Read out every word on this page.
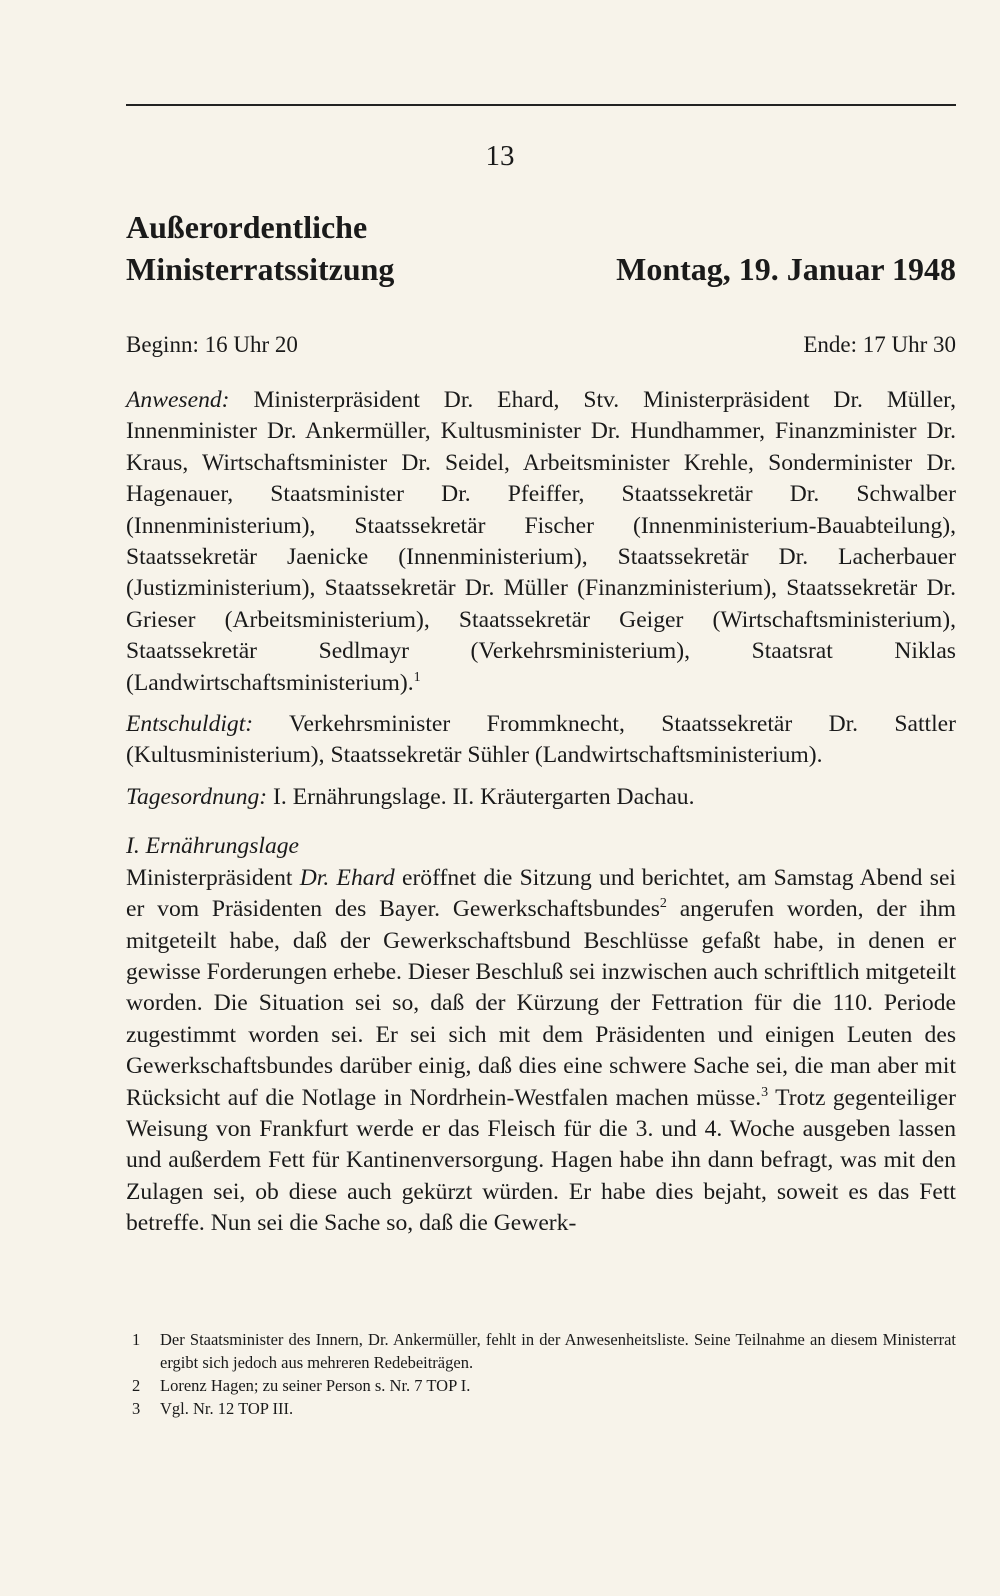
13
Außerordentliche
Ministerratssitzung	Montag, 19. Januar 1948
Beginn: 16 Uhr 20	Ende: 17 Uhr 30

Anwesend: Ministerpräsident Dr. Ehard, Stv. Ministerpräsident Dr. Müller, Innenminister Dr. Ankermüller, Kultusminister Dr. Hundhammer, Finanzminister Dr. Kraus, Wirtschaftsminister Dr. Seidel, Arbeitsminister Krehle, Sonderminister Dr. Hagenauer, Staatsminister Dr. Pfeiffer, Staatssekretär Dr. Schwalber (Innenministerium), Staatssekretär Fischer (Innenministerium-Bauabteilung), Staatssekretär Jaenicke (Innenministerium), Staatssekretär Dr. Lacherbauer (Justizministerium), Staatssekretär Dr. Müller (Finanzministerium), Staatssekretär Dr. Grieser (Arbeitsministerium), Staatssekretär Geiger (Wirtschaftsministerium), Staatssekretär Sedlmayr (Verkehrsministerium), Staatsrat Niklas (Landwirtschaftsministerium).$^1$

Entschuldigt: Verkehrsminister Frommknecht, Staatssekretär Dr. Sattler (Kultusministerium), Staatssekretär Sühler (Landwirtschaftsministerium).

Tagesordnung: I. Ernährungslage. II. Kräutergarten Dachau.

I. Ernährungslage

Ministerpräsident Dr. Ehard eröffnet die Sitzung und berichtet, am Samstag Abend sei er vom Präsidenten des Bayer. Gewerkschaftsbundes$^2$ angerufen worden, der ihm mitgeteilt habe, daß der Gewerkschaftsbund Beschlüsse gefaßt habe, in denen er gewisse Forderungen erhebe. Dieser Beschluß sei inzwischen auch schriftlich mitgeteilt worden. Die Situation sei so, daß der Kürzung der Fettration für die 110. Periode zugestimmt worden sei. Er sei sich mit dem Präsidenten und einigen Leuten des Gewerkschaftsbundes darüber einig, daß dies eine schwere Sache sei, die man aber mit Rücksicht auf die Notlage in Nordrhein-Westfalen machen müsse.$^3$ Trotz gegenteiliger Weisung von Frankfurt werde er das Fleisch für die 3. und 4. Woche ausgeben lassen und außerdem Fett für Kantinenversorgung. Hagen habe ihn dann befragt, was mit den Zulagen sei, ob diese auch gekürzt würden. Er habe dies bejaht, soweit es das Fett betreffe. Nun sei die Sache so, daß die Gewerk-

1 Der Staatsminister des Innern, Dr. Ankermüller, fehlt in der Anwesenheitsliste. Seine Teilnahme an diesem Ministerrat ergibt sich jedoch aus mehreren Redebeiträgen.
2 Lorenz Hagen; zu seiner Person s. Nr. 7 TOP I.
3 Vgl. Nr. 12 TOP III.
